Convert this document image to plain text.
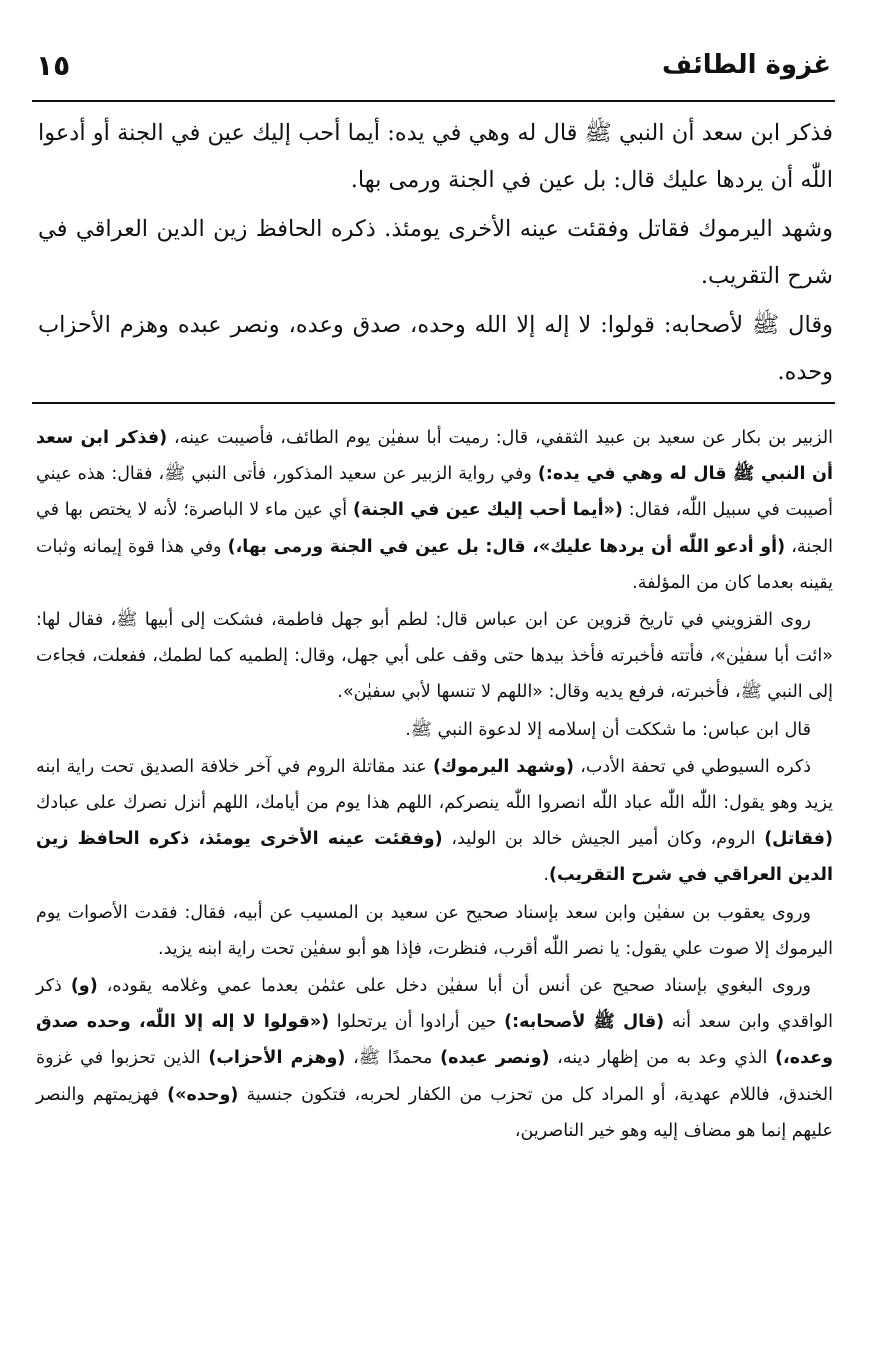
غزوة الطائف
١٥

فذكر ابن سعد أن النبي ﷺ قال له وهي في يده: أيما أحب إليك عين في الجنة أو أدعوا اللّٰه أن يردها عليك قال: بل عين في الجنة ورمى بها.

وشهد اليرموك فقاتل وفقئت عينه الأخرى يومئذ. ذكره الحافظ زين الدين العراقي في شرح التقريب.

وقال ﷺ لأصحابه: قولوا: لا إله إلا الله وحده، صدق وعده، ونصر عبده وهزم الأحزاب وحده.

الزبير بن بكار عن سعيد بن عبيد الثقفي، قال: رميت أبا سفيٰن يوم الطائف، فأصيبت عينه، (فذكر ابن سعد أن النبي ﷺ قال له وهي في يده:) وفي رواية الزبير عن سعيد المذكور، فأتى النبي ﷺ، فقال: هذه عيني أصيبت في سبيل اللّٰه، فقال: («أيما أحب إليك عين في الجنة) أي عين ماء لا الباصرة؛ لأنه لا يختص بها في الجنة، (أو أدعو اللّٰه أن يردها عليك»، قال: بل عين في الجنة ورمى بها،) وفي هذا قوة إيمانه وثبات يقينه بعدما كان من المؤلفة.

روى القزويني في تاريخ قزوين عن ابن عباس قال: لطم أبو جهل فاطمة، فشكت إلى أبيها ﷺ، فقال لها: «ائت أبا سفيٰن»، فأتته فأخبرته فأخذ بيدها حتى وقف على أبي جهل، وقال: إلطميه كما لطمك، ففعلت، فجاءت إلى النبي ﷺ، فأخبرته، فرفع يديه وقال: «اللهم لا تنسها لأبي سفيٰن».

قال ابن عباس: ما شككت أن إسلامه إلا لدعوة النبي ﷺ.

ذكره السيوطي في تحفة الأدب، (وشهد اليرموك) عند مقاتلة الروم في آخر خلافة الصديق تحت راية ابنه يزيد وهو يقول: اللّٰه اللّٰه عباد اللّٰه انصروا اللّٰه ينصركم، اللهم هذا يوم من أيامك، اللهم أنزل نصرك على عبادك (فقاتل) الروم، وكان أمير الجيش خالد بن الوليد، (وفقئت عينه الأخرى يومئذ، ذكره الحافظ زين الدين العراقي في شرح التقريب).

وروى يعقوب بن سفيٰن وابن سعد بإسناد صحيح عن سعيد بن المسيب عن أبيه، فقال: فقدت الأصوات يوم اليرموك إلا صوت علي يقول: يا نصر اللّٰه أقرب، فنظرت، فإذا هو أبو سفيٰن تحت راية ابنه يزيد.

وروى البغوي بإسناد صحيح عن أنس أن أبا سفيٰن دخل على عثمٰن بعدما عمي وغلامه يقوده، (و) ذكر الواقدي وابن سعد أنه (قال ﷺ لأصحابه:) حين أرادوا أن يرتحلوا («قولوا لا إله إلا اللّٰه، وحده صدق وعده،) الذي وعد به من إظهار دينه، (ونصر عبده) محمدًا ﷺ، (وهزم الأحزاب) الذين تحزبوا في غزوة الخندق، فاللام عهدية، أو المراد كل من تحزب من الكفار لحربه، فتكون جنسية (وحده») فهزيمتهم والنصر عليهم إنما هو مضاف إليه وهو خير الناصرين،
